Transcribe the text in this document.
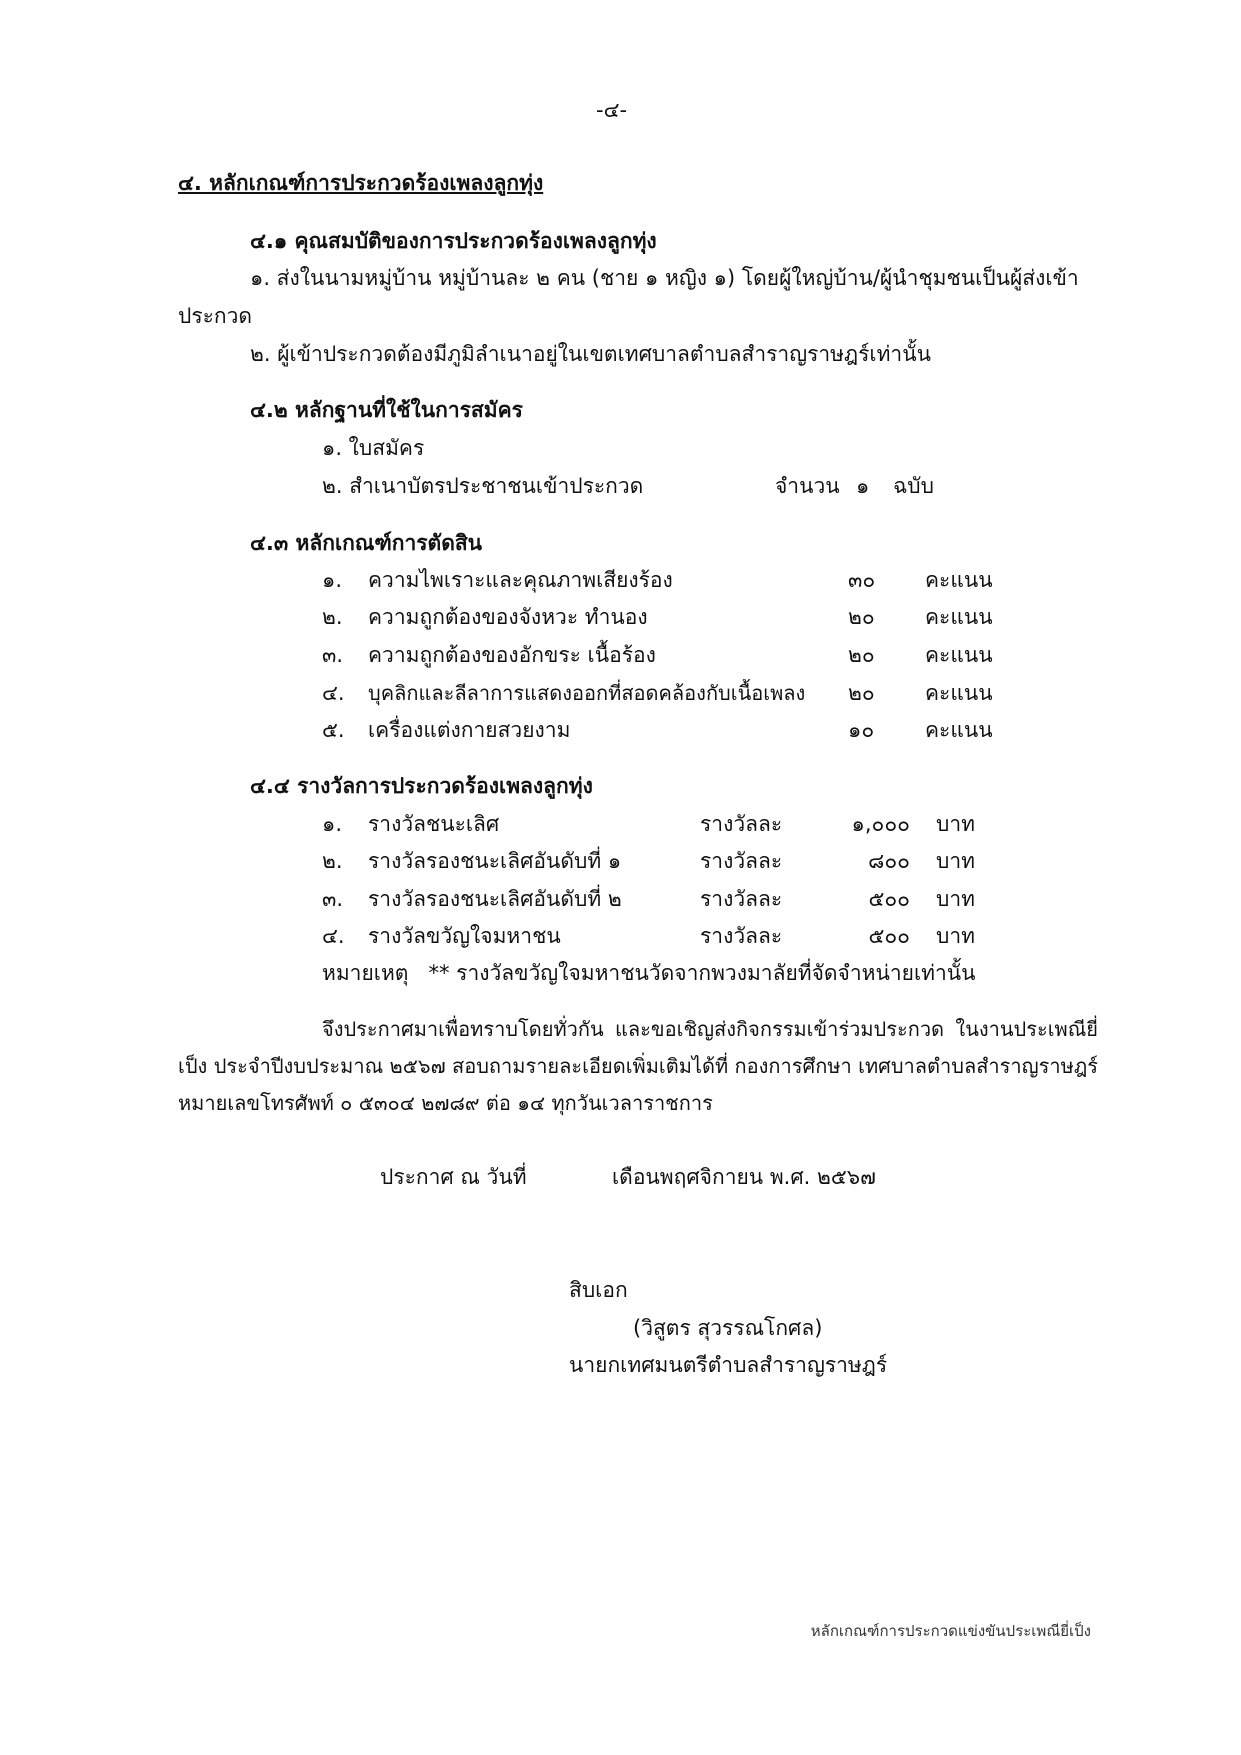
-๔-
๔. หลักเกณฑ์การประกวดร้องเพลงลูกทุ่ง
๔.๑ คุณสมบัติของการประกวดร้องเพลงลูกทุ่ง
๑. ส่งในนามหมู่บ้าน หมู่บ้านละ ๒ คน (ชาย ๑ หญิง ๑) โดยผู้ใหญ่บ้าน/ผู้นำชุมชนเป็นผู้ส่งเข้า
ประกวด
๒. ผู้เข้าประกวดต้องมีภูมิลำเนาอยู่ในเขตเทศบาลตำบลสำราญราษฎร์เท่านั้น
๔.๒ หลักฐานที่ใช้ในการสมัคร
๑. ใบสมัคร
๒. สำเนาบัตรประชาชนเข้าประกวด	จำนวน ๑ ฉบับ
๔.๓ หลักเกณฑ์การตัดสิน
๑. ความไพเราะและคุณภาพเสียงร้อง	๓๐ คะแนน
๒. ความถูกต้องของจังหวะ ทำนอง	๒๐ คะแนน
๓. ความถูกต้องของอักขระ เนื้อร้อง	๒๐ คะแนน
๔. บุคลิกและลีลาการแสดงออกที่สอดคล้องกับเนื้อเพลง ๒๐ คะแนน
๕. เครื่องแต่งกายสวยงาม	๑๐ คะแนน
๔.๔ รางวัลการประกวดร้องเพลงลูกทุ่ง
๑. รางวัลชนะเลิศ	รางวัลละ	๑,๐๐๐ บาท
๒. รางวัลรองชนะเลิศอันดับที่ ๑	รางวัลละ	๘๐๐ บาท
๓. รางวัลรองชนะเลิศอันดับที่ ๒	รางวัลละ	๕๐๐ บาท
๔. รางวัลขวัญใจมหาชน	รางวัลละ	๕๐๐ บาท
หมายเหตุ ** รางวัลขวัญใจมหาชนวัดจากพวงมาลัยที่จัดจำหน่ายเท่านั้น
จึงประกาศมาเพื่อทราบโดยทั่วกัน และขอเชิญส่งกิจกรรมเข้าร่วมประกวด ในงานประเพณียี่เป็ง ประจำปีงบประมาณ ๒๕๖๗ สอบถามรายละเอียดเพิ่มเติมได้ที่ กองการศึกษา เทศบาลตำบลสำราญราษฎร์ หมายเลขโทรศัพท์ ๐ ๕๓๐๔ ๒๗๘๙ ต่อ ๑๔ ทุกวันเวลาราชการ
ประกาศ ณ วันที่	เดือนพฤศจิกายน พ.ศ. ๒๕๖๗
สิบเอก
(วิสูตร สุวรรณโกศล)
นายกเทศมนตรีตำบลสำราญราษฎร์
หลักเกณฑ์การประกวดแข่งขันประเพณียี่เป็ง
